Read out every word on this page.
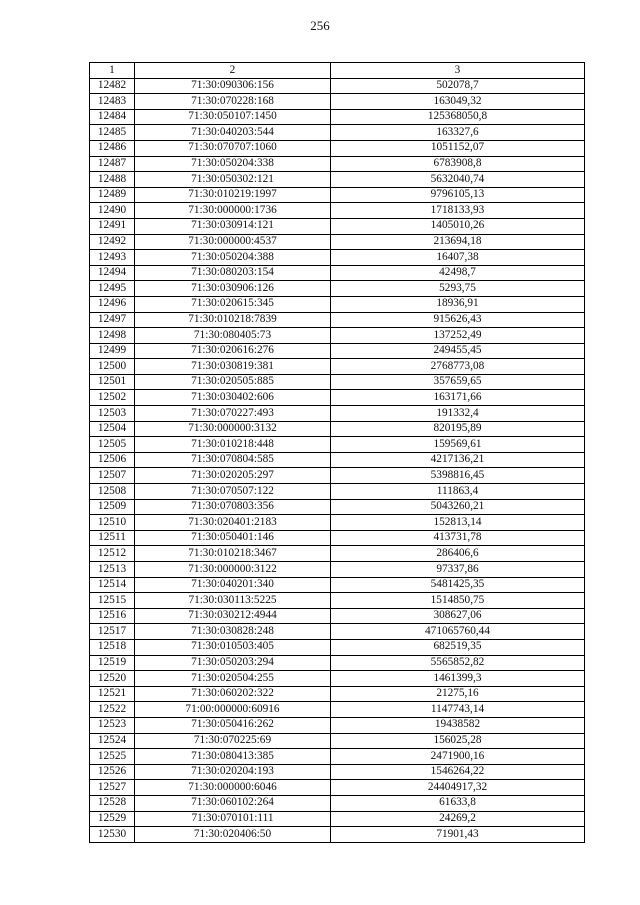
256
1	2	3
12482	71:30:090306:156	502078,7
12483	71:30:070228:168	163049,32
12484	71:30:050107:1450	125368050,8
12485	71:30:040203:544	163327,6
12486	71:30:070707:1060	1051152,07
12487	71:30:050204:338	6783908,8
12488	71:30:050302:121	5632040,74
12489	71:30:010219:1997	9796105,13
12490	71:30:000000:1736	1718133,93
12491	71:30:030914:121	1405010,26
12492	71:30:000000:4537	213694,18
12493	71:30:050204:388	16407,38
12494	71:30:080203:154	42498,7
12495	71:30:030906:126	5293,75
12496	71:30:020615:345	18936,91
12497	71:30:010218:7839	915626,43
12498	71:30:080405:73	137252,49
12499	71:30:020616:276	249455,45
12500	71:30:030819:381	2768773,08
12501	71:30:020505:885	357659,65
12502	71:30:030402:606	163171,66
12503	71:30:070227:493	191332,4
12504	71:30:000000:3132	820195,89
12505	71:30:010218:448	159569,61
12506	71:30:070804:585	4217136,21
12507	71:30:020205:297	5398816,45
12508	71:30:070507:122	111863,4
12509	71:30:070803:356	5043260,21
12510	71:30:020401:2183	152813,14
12511	71:30:050401:146	413731,78
12512	71:30:010218:3467	286406,6
12513	71:30:000000:3122	97337,86
12514	71:30:040201:340	5481425,35
12515	71:30:030113:5225	1514850,75
12516	71:30:030212:4944	308627,06
12517	71:30:030828:248	471065760,44
12518	71:30:010503:405	682519,35
12519	71:30:050203:294	5565852,82
12520	71:30:020504:255	1461399,3
12521	71:30:060202:322	21275,16
12522	71:00:000000:60916	1147743,14
12523	71:30:050416:262	19438582
12524	71:30:070225:69	156025,28
12525	71:30:080413:385	2471900,16
12526	71:30:020204:193	1546264,22
12527	71:30:000000:6046	24404917,32
12528	71:30:060102:264	61633,8
12529	71:30:070101:111	24269,2
12530	71:30:020406:50	71901,43
